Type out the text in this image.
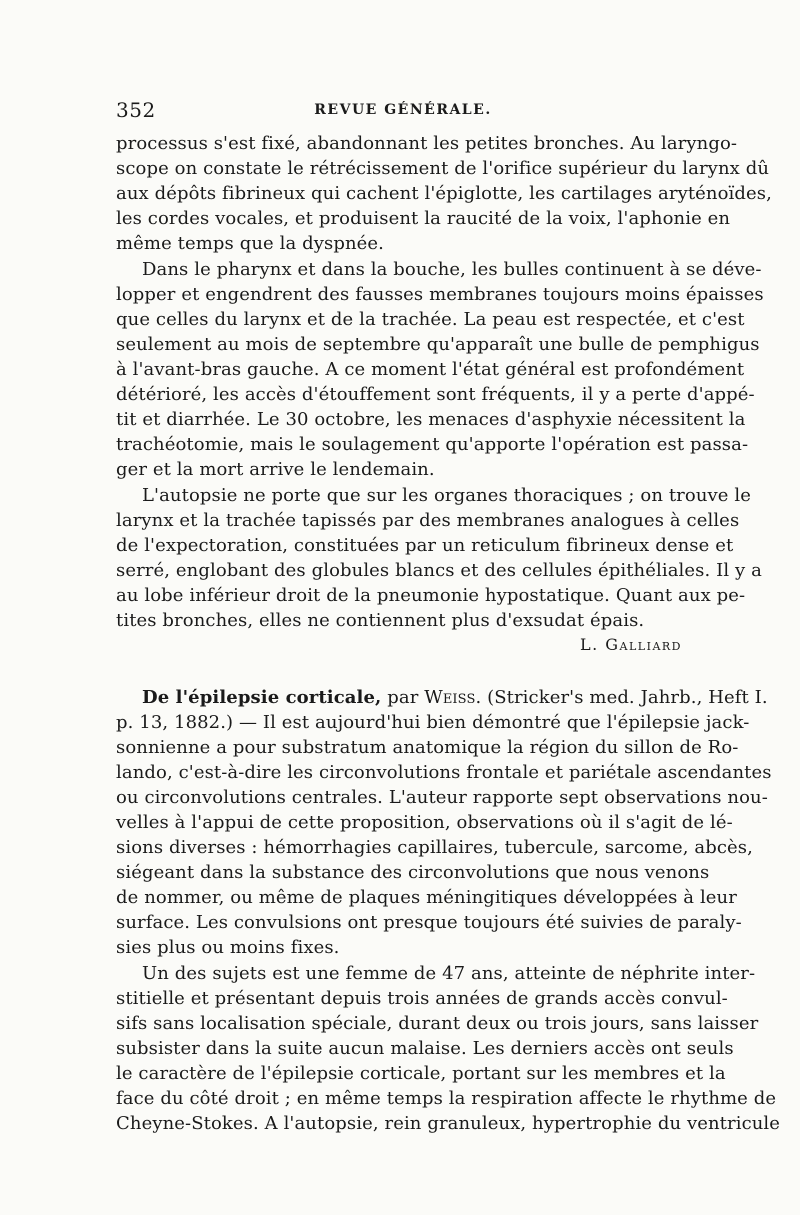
352	REVUE GÉNÉRALE.
processus s'est fixé, abandonnant les petites bronches. Au laryngo-
scope on constate le rétrécissement de l'orifice supérieur du larynx dû
aux dépôts fibrineux qui cachent l'épiglotte, les cartilages aryténoïdes,
les cordes vocales, et produisent la raucité de la voix, l'aphonie en
même temps que la dyspnée.
Dans le pharynx et dans la bouche, les bulles continuent à se déve-
lopper et engendrent des fausses membranes toujours moins épaisses
que celles du larynx et de la trachée. La peau est respectée, et c'est
seulement au mois de septembre qu'apparaît une bulle de pemphigus
à l'avant-bras gauche. A ce moment l'état général est profondément
détérioré, les accès d'étouffement sont fréquents, il y a perte d'appé-
tit et diarrhée. Le 30 octobre, les menaces d'asphyxie nécessitent la
trachéotomie, mais le soulagement qu'apporte l'opération est passa-
ger et la mort arrive le lendemain.
L'autopsie ne porte que sur les organes thoraciques ; on trouve le
larynx et la trachée tapissés par des membranes analogues à celles
de l'expectoration, constituées par un reticulum fibrineux dense et
serré, englobant des globules blancs et des cellules épithéliales. Il y a
au lobe inférieur droit de la pneumonie hypostatique. Quant aux pe-
tites bronches, elles ne contiennent plus d'exsudat épais.
L. Galliard
De l'épilepsie corticale, par Weiss. (Stricker's med. Jahrb., Heft I.
p. 13, 1882.) — Il est aujourd'hui bien démontré que l'épilepsie jack-
sonnienne a pour substratum anatomique la région du sillon de Ro-
lando, c'est-à-dire les circonvolutions frontale et pariétale ascendantes
ou circonvolutions centrales. L'auteur rapporte sept observations nou-
velles à l'appui de cette proposition, observations où il s'agit de lé-
sions diverses : hémorrhagies capillaires, tubercule, sarcome, abcès,
siégeant dans la substance des circonvolutions que nous venons
de nommer, ou même de plaques méningitiques développées à leur
surface. Les convulsions ont presque toujours été suivies de paraly-
sies plus ou moins fixes.
Un des sujets est une femme de 47 ans, atteinte de néphrite inter-
stitielle et présentant depuis trois années de grands accès convul-
sifs sans localisation spéciale, durant deux ou trois jours, sans laisser
subsister dans la suite aucun malaise. Les derniers accès ont seuls
le caractère de l'épilepsie corticale, portant sur les membres et la
face du côté droit ; en même temps la respiration affecte le rhythme de
Cheyne-Stokes. A l'autopsie, rein granuleux, hypertrophie du ventricule
